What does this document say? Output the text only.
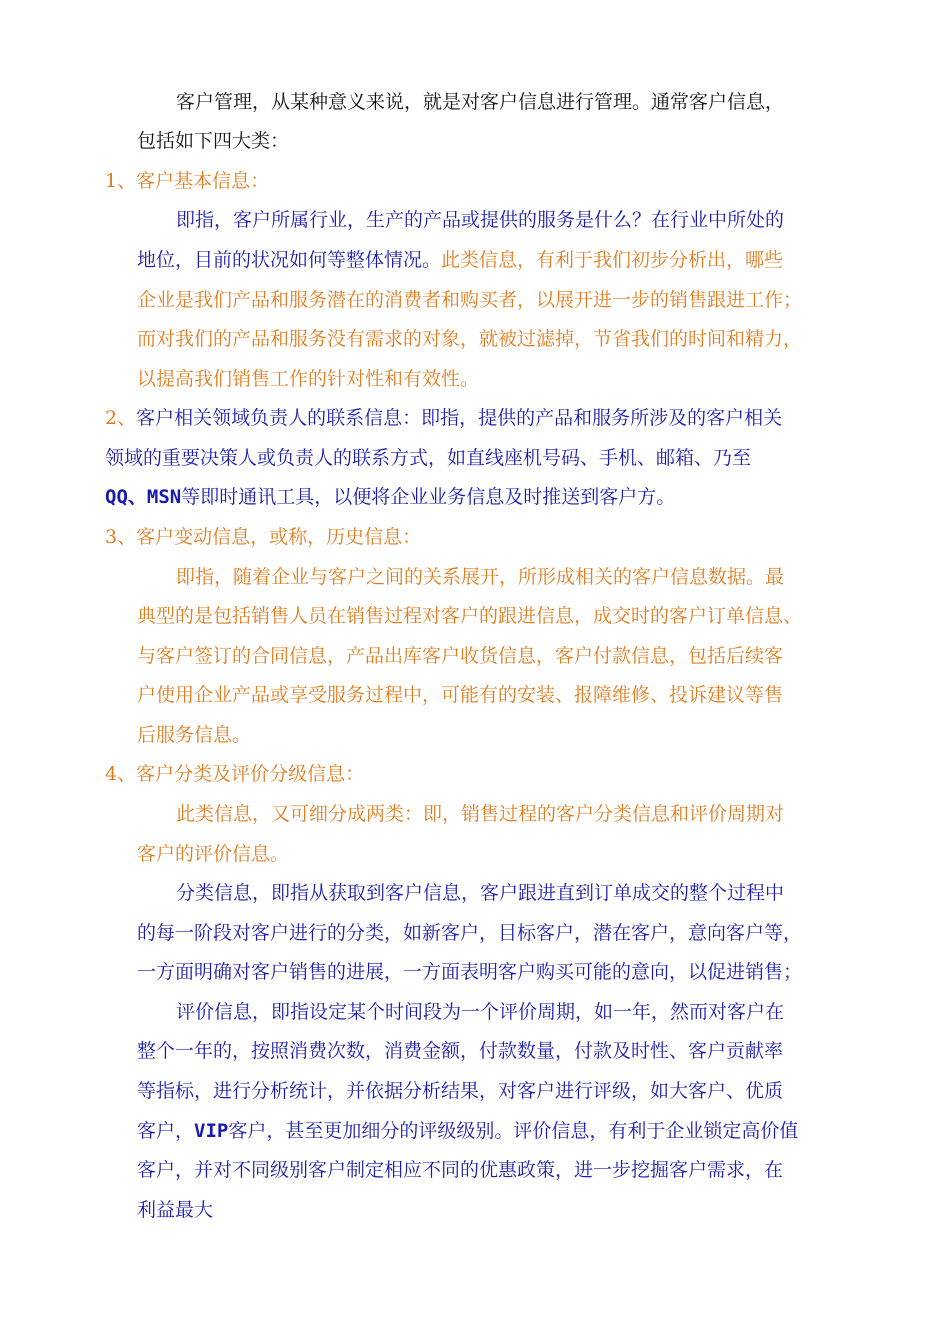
客户管理，从某种意义来说，就是对客户信息进行管理。通常客户信息，
包括如下四大类：
1、客户基本信息：
即指，客户所属行业，生产的产品或提供的服务是什么？在行业中所处的
地位，目前的状况如何等整体情况。此类信息，有利于我们初步分析出，哪些
企业是我们产品和服务潜在的消费者和购买者，以展开进一步的销售跟进工作；
而对我们的产品和服务没有需求的对象，就被过滤掉，节省我们的时间和精力，
以提高我们销售工作的针对性和有效性。
2、客户相关领域负责人的联系信息：即指，提供的产品和服务所涉及的客户相关
领域的重要决策人或负责人的联系方式，如直线座机号码、手机、邮箱、乃至
QQ、MSN等即时通讯工具，以便将企业业务信息及时推送到客户方。
3、客户变动信息，或称，历史信息：
即指，随着企业与客户之间的关系展开，所形成相关的客户信息数据。最
典型的是包括销售人员在销售过程对客户的跟进信息，成交时的客户订单信息、
与客户签订的合同信息，产品出库客户收货信息，客户付款信息，包括后续客
户使用企业产品或享受服务过程中，可能有的安装、报障维修、投诉建议等售
后服务信息。
4、客户分类及评价分级信息：
此类信息，又可细分成两类：即，销售过程的客户分类信息和评价周期对
客户的评价信息。
分类信息，即指从获取到客户信息，客户跟进直到订单成交的整个过程中
的每一阶段对客户进行的分类，如新客户，目标客户，潜在客户，意向客户等，
一方面明确对客户销售的进展，一方面表明客户购买可能的意向，以促进销售；
评价信息，即指设定某个时间段为一个评价周期，如一年，然而对客户在
整个一年的，按照消费次数，消费金额，付款数量，付款及时性、客户贡献率
等指标，进行分析统计，并依据分析结果，对客户进行评级，如大客户、优质
客户，VIP客户，甚至更加细分的评级级别。评价信息，有利于企业锁定高价值
客户，并对不同级别客户制定相应不同的优惠政策，进一步挖掘客户需求，在
利益最大
